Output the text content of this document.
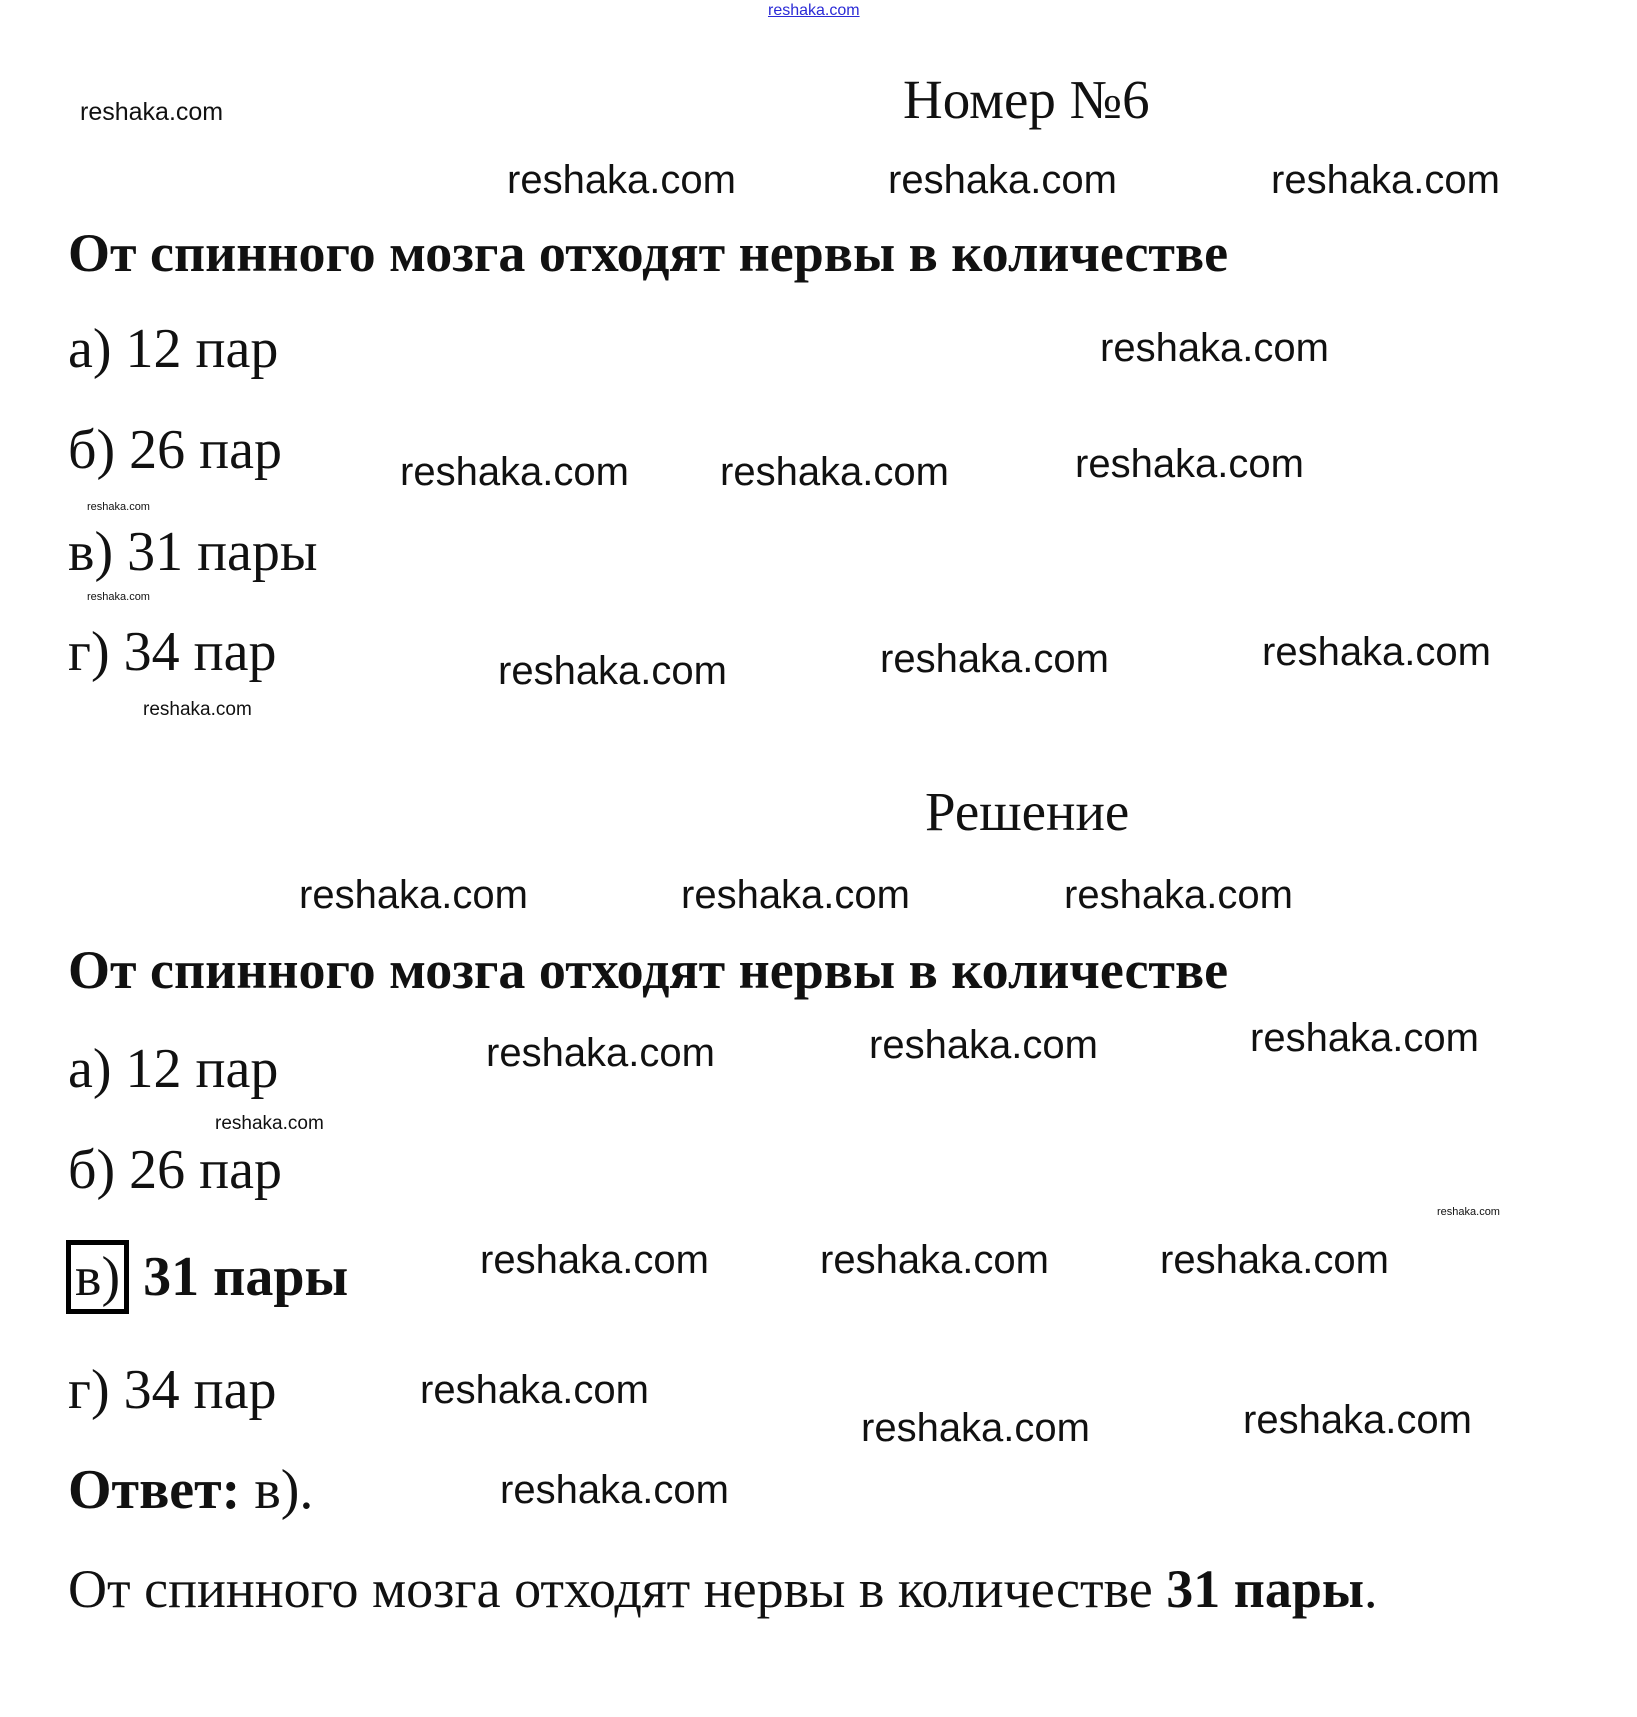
reshaka.com
reshaka.com	Номер №6
От спинного мозга отходят нервы в количестве
а) 12 пар
б) 26 пар
в) 31 пары
г) 34 пар
Решение
От спинного мозга отходят нервы в количестве
а) 12 пар
б) 26 пар
в) 31 пары
г) 34 пар
Ответ: в).
От спинного мозга отходят нервы в количестве 31 пары.
reshaka.com	reshaka.com	reshaka.com
reshaka.com
reshaka.com reshaka.com	reshaka.com
reshaka.com
reshaka.com
reshaka.com
reshaka.com	reshaka.com	reshaka.com
reshaka.com	reshaka.com	reshaka.com
reshaka.com
reshaka.com	reshaka.com	reshaka.com
reshaka.com
reshaka.com	reshaka.com	reshaka.com
reshaka.com
reshaka.com
reshaka.com	reshaka.com
